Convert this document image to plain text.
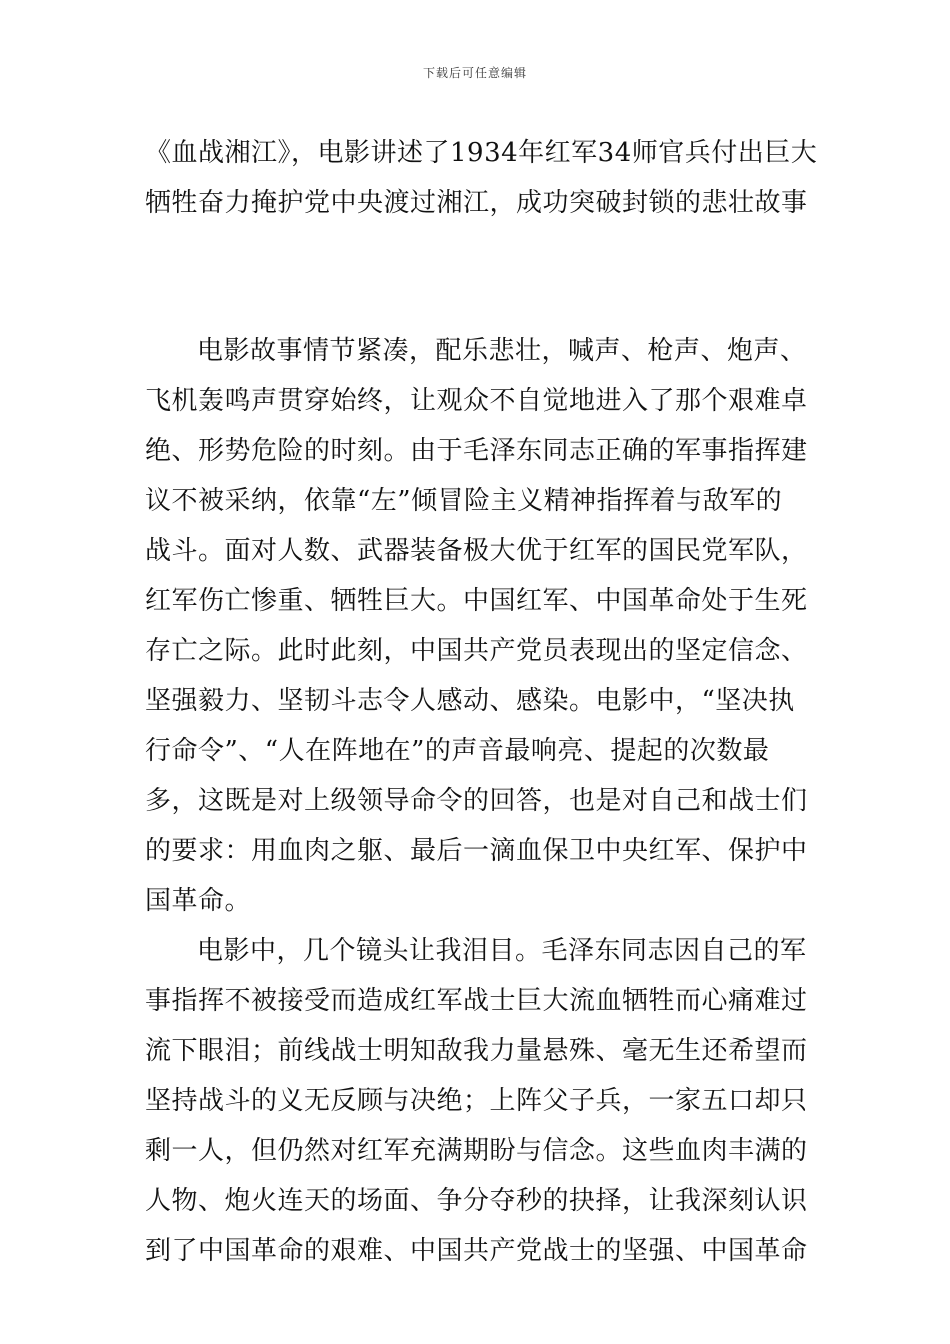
下载后可任意编辑
《血战湘江》，电影讲述了1934年红军34师官兵付出巨大
牺牲奋力掩护党中央渡过湘江，成功突破封锁的悲壮故事
电影故事情节紧凑，配乐悲壮，喊声、枪声、炮声、
飞机轰鸣声贯穿始终，让观众不自觉地进入了那个艰难卓
绝、形势危险的时刻。由于毛泽东同志正确的军事指挥建
议不被采纳，依靠“左”倾冒险主义精神指挥着与敌军的
战斗。面对人数、武器装备极大优于红军的国民党军队，
红军伤亡惨重、牺牲巨大。中国红军、中国革命处于生死
存亡之际。此时此刻，中国共产党员表现出的坚定信念、
坚强毅力、坚韧斗志令人感动、感染。电影中，“坚决执
行命令”、“人在阵地在”的声音最响亮、提起的次数最
多，这既是对上级领导命令的回答，也是对自己和战士们
的要求：用血肉之躯、最后一滴血保卫中央红军、保护中
国革命。
电影中，几个镜头让我泪目。毛泽东同志因自己的军
事指挥不被接受而造成红军战士巨大流血牺牲而心痛难过
流下眼泪；前线战士明知敌我力量悬殊、毫无生还希望而
坚持战斗的义无反顾与决绝；上阵父子兵，一家五口却只
剩一人，但仍然对红军充满期盼与信念。这些血肉丰满的
人物、炮火连天的场面、争分夺秒的抉择，让我深刻认识
到了中国革命的艰难、中国共产党战士的坚强、中国革命
